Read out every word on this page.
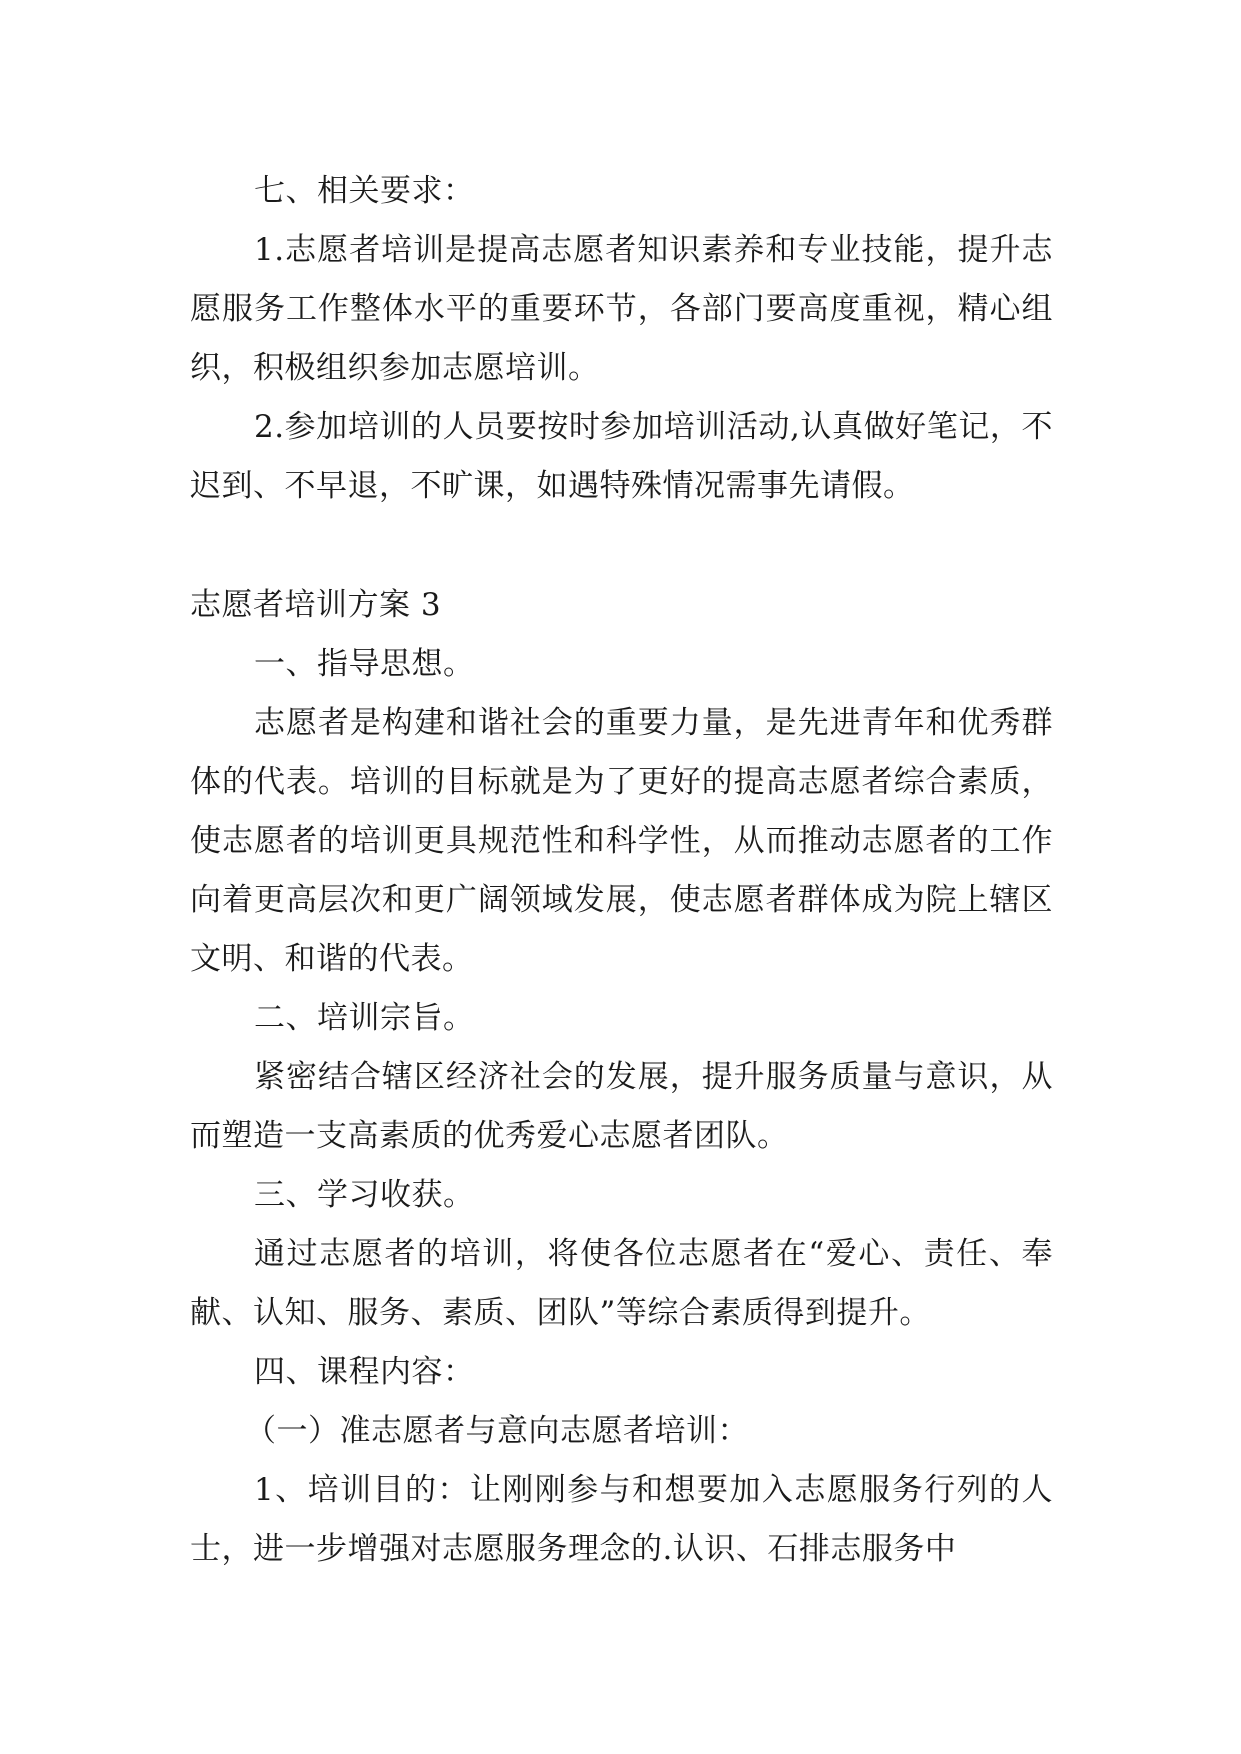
七、相关要求：

1.志愿者培训是提高志愿者知识素养和专业技能，提升志愿服务工作整体水平的重要环节，各部门要高度重视，精心组织，积极组织参加志愿培训。

2.参加培训的人员要按时参加培训活动,认真做好笔记，不迟到、不早退，不旷课，如遇特殊情况需事先请假。

志愿者培训方案 3

一、指导思想。

志愿者是构建和谐社会的重要力量，是先进青年和优秀群体的代表。培训的目标就是为了更好的提高志愿者综合素质，使志愿者的培训更具规范性和科学性，从而推动志愿者的工作向着更高层次和更广阔领域发展，使志愿者群体成为院上辖区文明、和谐的代表。

二、培训宗旨。

紧密结合辖区经济社会的发展，提升服务质量与意识，从而塑造一支高素质的优秀爱心志愿者团队。

三、学习收获。

通过志愿者的培训，将使各位志愿者在“爱心、责任、奉献、认知、服务、素质、团队”等综合素质得到提升。

四、课程内容：

（一）准志愿者与意向志愿者培训：

1、培训目的：让刚刚参与和想要加入志愿服务行列的人士，进一步增强对志愿服务理念的.认识、石排志服务中
